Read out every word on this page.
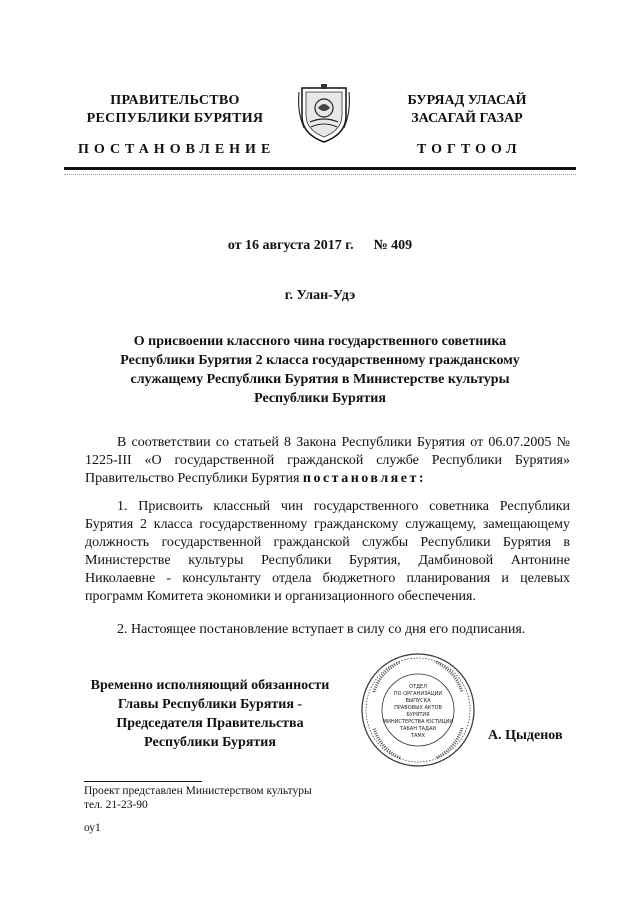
ПРАВИТЕЛЬСТВО
РЕСПУБЛИКИ БУРЯТИЯ
БУРЯАД УЛАСАЙ
ЗАСАГАЙ ГАЗАР
ПОСТАНОВЛЕНИЕ	ТОГТООЛ
от 16 августа 2017 г. № 409
г. Улан-Удэ
О присвоении классного чина государственного советника
Республики Бурятия 2 класса государственному гражданскому
служащему Республики Бурятия в Министерстве культуры
Республики Бурятия
В соответствии со статьей 8 Закона Республики Бурятия от 06.07.2005 № 1225-III «О государственной гражданской службе Республики Бурятия» Правительство Республики Бурятия постановляет:
1. Присвоить классный чин государственного советника Республики Бурятия 2 класса государственному гражданскому служащему, замещающему должность государственной гражданской службы Республики Бурятия в Министерстве культуры Республики Бурятия, Дамбиновой Антонине Николаевне - консультанту отдела бюджетного планирования и целевых программ Комитета экономики и организационного обеспечения.
2. Настоящее постановление вступает в силу со дня его подписания.
Временно исполняющий обязанности
Главы Республики Бурятия -
Председателя Правительства
Республики Бурятия
ОТДЕЛ
ПО ОРГАНИЗАЦИИ
ВЫПУСКА
ПРАВОВЫХ АКТОВ
БУРЯТИЯ
МИНИСТЕРСТВА ЮСТИЦИИ
ТАБАН ТАДАИ
ТАМХ	А. Цыденов
Проект представлен Министерством культуры
тел. 21-23-90
оу1
